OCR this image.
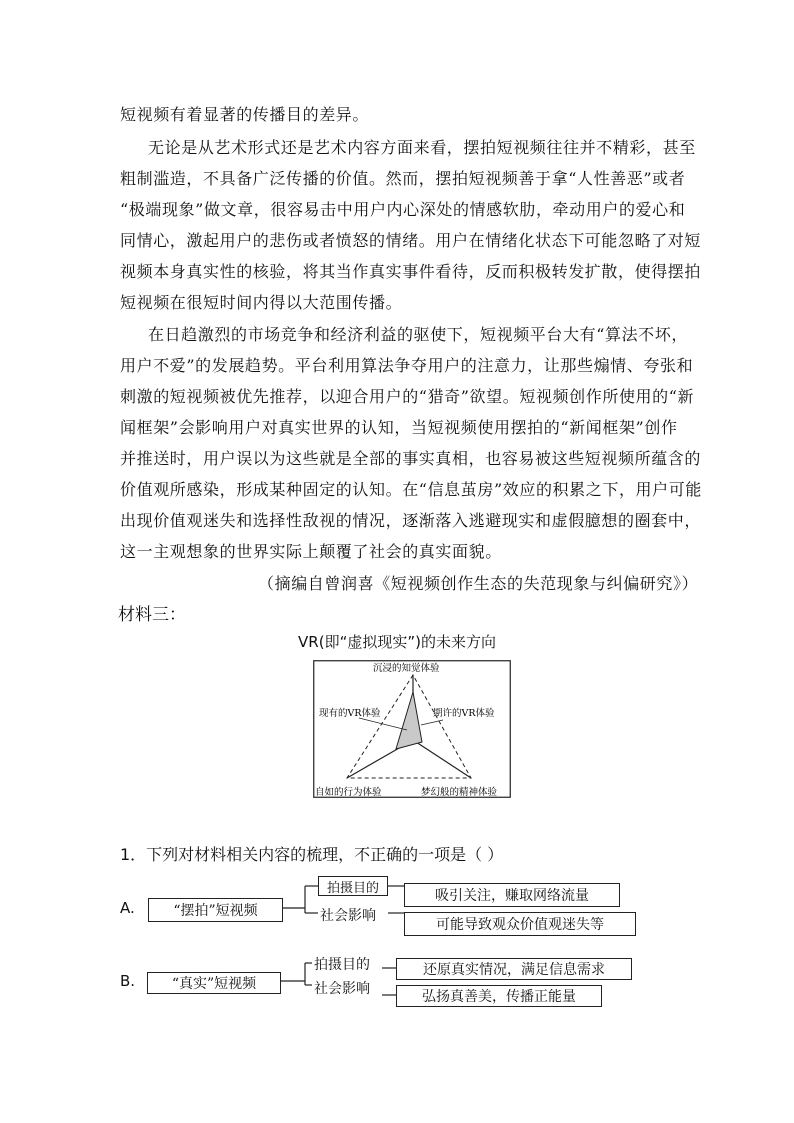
短视频有着显著的传播目的差异。
无论是从艺术形式还是艺术内容方面来看，摆拍短视频往往并不精彩，甚至
粗制滥造，不具备广泛传播的价值。然而，摆拍短视频善于拿“人性善恶”或者
“极端现象”做文章，很容易击中用户内心深处的情感软肋，牵动用户的爱心和
同情心，激起用户的悲伤或者愤怒的情绪。用户在情绪化状态下可能忽略了对短
视频本身真实性的核验，将其当作真实事件看待，反而积极转发扩散，使得摆拍
短视频在很短时间内得以大范围传播。
在日趋激烈的市场竞争和经济利益的驱使下，短视频平台大有“算法不坏，
用户不爱”的发展趋势。平台利用算法争夺用户的注意力，让那些煽情、夸张和
刺激的短视频被优先推荐，以迎合用户的“猎奇”欲望。短视频创作所使用的“新
闻框架”会影响用户对真实世界的认知，当短视频使用摆拍的“新闻框架”创作
并推送时，用户误以为这些就是全部的事实真相，也容易被这些短视频所蕴含的
价值观所感染，形成某种固定的认知。在“信息茧房”效应的积累之下，用户可能
出现价值观迷失和选择性敌视的情况，逐渐落入逃避现实和虚假臆想的圈套中，
这一主观想象的世界实际上颠覆了社会的真实面貌。
（摘编自曾润喜《短视频创作生态的失范现象与纠偏研究》）
材料三：
VR(即“虚拟现实”)的未来方向
沉浸的知觉体验
自如的行为体验	梦幻般的精神体验
现有的VR体验	期许的VR体验
1．下列对材料相关内容的梳理，不正确的一项是（ ）
A.	“摆拍”短视频
拍摄目的
社会影响
吸引关注，赚取网络流量
可能导致观众价值观迷失等
B.	“真实”短视频
拍摄目的
社会影响
还原真实情况，满足信息需求
弘扬真善美，传播正能量
